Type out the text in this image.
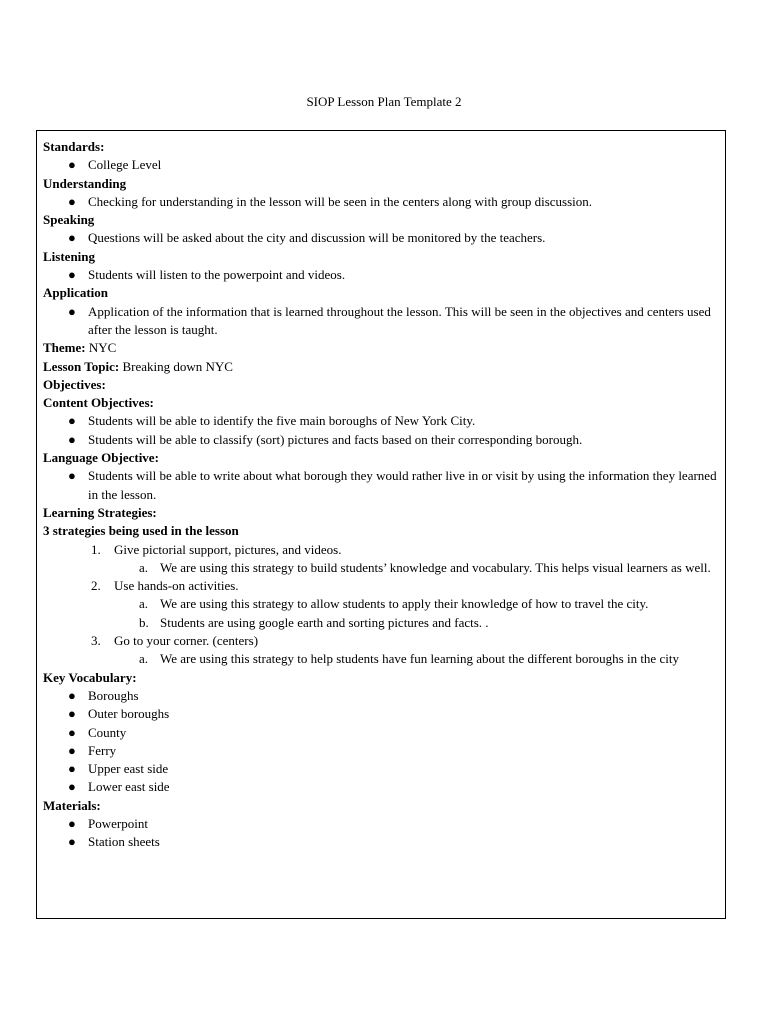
SIOP Lesson Plan Template 2
Standards:
● College Level
Understanding
● Checking for understanding in the lesson will be seen in the centers along with group discussion.
Speaking
● Questions will be asked about the city and discussion will be monitored by the teachers.
Listening
● Students will listen to the powerpoint and videos.
Application
● Application of the information that is learned throughout the lesson. This will be seen in the objectives and centers used after the lesson is taught.
Theme: NYC
Lesson Topic: Breaking down NYC
Objectives:
Content Objectives:
● Students will be able to identify the five main boroughs of New York City.
● Students will be able to classify (sort) pictures and facts based on their corresponding borough.
Language Objective:
● Students will be able to write about what borough they would rather live in or visit by using the information they learned in the lesson.
Learning Strategies:
3 strategies being used in the lesson
1. Give pictorial support, pictures, and videos.
a. We are using this strategy to build students’ knowledge and vocabulary. This helps visual learners as well.
2. Use hands-on activities.
a. We are using this strategy to allow students to apply their knowledge of how to travel the city.
b. Students are using google earth and sorting pictures and facts. .
3. Go to your corner. (centers)
a. We are using this strategy to help students have fun learning about the different boroughs in the city
Key Vocabulary:
● Boroughs
● Outer boroughs
● County
● Ferry
● Upper east side
● Lower east side
Materials:
● Powerpoint
● Station sheets
